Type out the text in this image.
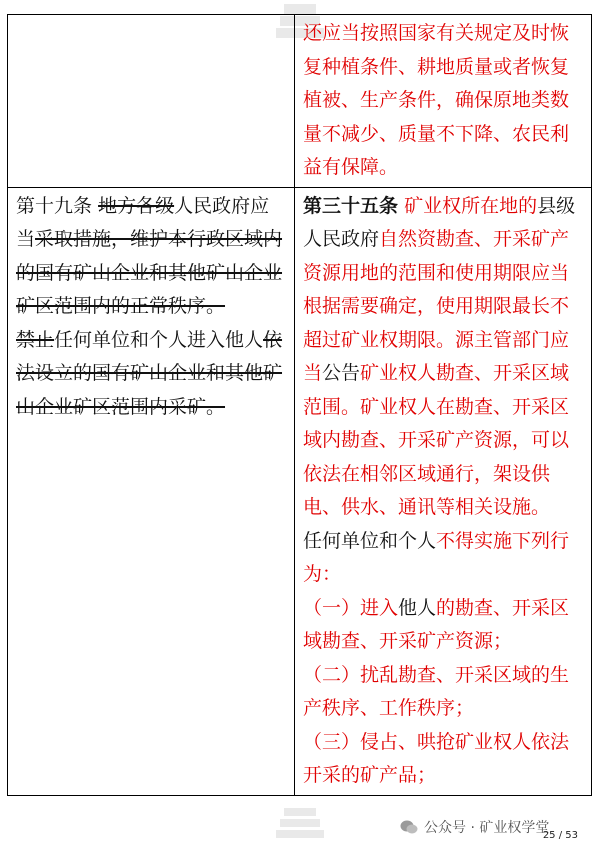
	还应当按照国家有关规定及时恢复种植条件、耕地质量或者恢复植被、生产条件，确保原地类数量不减少、质量不下降、农民利益有保障。

第十九条 地方各级人民政府应当采取措施，维护本行政区域内的国有矿山企业和其他矿山企业矿区范围内的正常秩序。
禁止任何单位和个人进入他人依法设立的国有矿山企业和其他矿山企业矿区范围内采矿。	第三十五条 矿业权所在地的县级人民政府自然资勘查、开采矿产资源用地的范围和使用期限应当根据需要确定，使用期限最长不超过矿业权期限。源主管部门应当公告矿业权人勘查、开采区域范围。矿业权人在勘查、开采区域内勘查、开采矿产资源，可以依法在相邻区域通行，架设供电、供水、通讯等相关设施。
任何单位和个人不得实施下列行为：
（一）进入他人的勘查、开采区域勘查、开采矿产资源；
（二）扰乱勘查、开采区域的生产秩序、工作秩序；
（三）侵占、哄抢矿业权人依法开采的矿产品；
公众号 · 矿业权学堂
25 / 53
